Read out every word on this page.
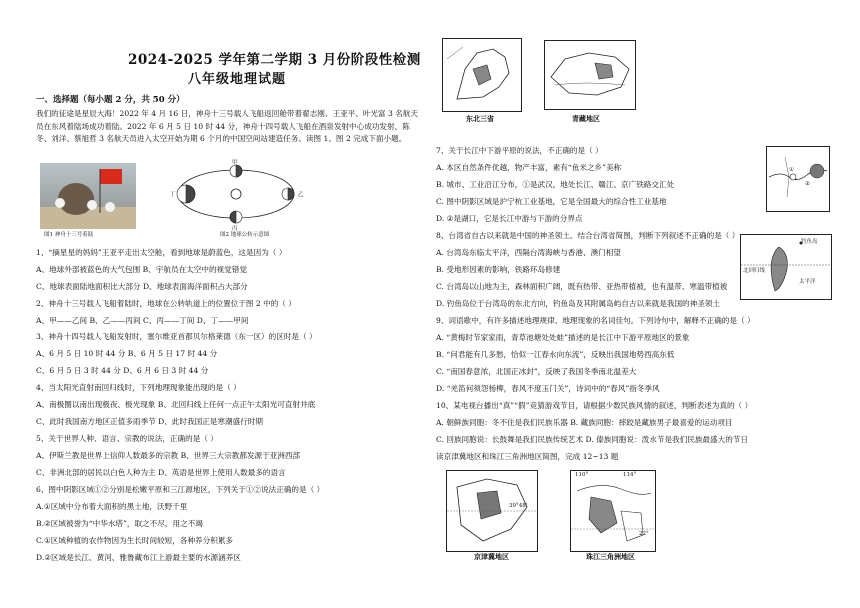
2024-2025 学年第二学期 3 月份阶段性检测
八年级地理试题
一、选择题（每小题 2 分，共 50 分）
我们的征途是星辰大海！2022 年 4 月 16 日，神舟十三号载人飞船返回舱带着翟志刚、王亚平、叶光富 3 名航天员在东风着陆场成功着陆。2022 年 6 月 5 日 10 时 44 分，神舟十四号载人飞船在酒泉发射中心成功发射，陈冬、刘洋、蔡旭哲 3 名航天员进入太空开始为期 6 个月的中国空间站建造任务。读图 1、图 2 完成下面小题。
图1 神舟十三号着陆
甲
乙
丙
丁
图2 地球公转示意图
1、“摘星星的妈妈”王亚平走出太空舱，看到地球是蔚蓝色，这是因为（ ）
A、地球外部被蓝色的大气包围 B、宇航员在太空中的视觉错觉
C、地球表面陆地面积比大部分 D、地球表面海洋面积占大部分
2、神舟十三号载人飞船着陆时，地球在公转轨道上的位置位于图 2 中的（ ）
A、甲——乙间 B、乙——丙间 C、丙——丁间 D、丁——甲间
3、神舟十四号载人飞船发射时，塞尔维亚首都贝尔格莱德（东一区）的区时是（ ）
A、6 月 5 日 10 时 44 分 B、6 月 5 日 17 时 44 分
C、6 月 5 日 3 时 44 分 D、6 月 6 日 3 时 44 分
4、当太阳光直射南回归线时，下列地理现象能出现的是（ ）
A、南极圈以南出现极夜、极光现象 B、北回归线上任何一点正午太阳光可直射井底
C、此时我国南方地区正值多雨季节 D、此时我国正是寒潮盛行时期
5、关于世界人种、语言、宗教的说法，正确的是（ ）
A、伊斯兰教是世界上信仰人数最多的宗教 B、世界三大宗教都发源于亚洲西部
C、非洲北部的居民以白色人种为主 D、英语是世界上使用人数最多的语言
6、图中阴影区域①②分别是松嫩平原和三江源地区，下列关于①②说法正确的是（ ）
A.①区域中分布着大面积的黑土地，沃野千里
B.②区域被誉为“中华水塔”，取之不尽，用之不竭
C.①区域种植的农作物因为生长时间较短，各种养分积累多
D.②区域是长江、黄河、雅鲁藏布江上游最主要的水源涵养区
东北三省	青藏地区
7、关于长江中下游平原的说法，不正确的是（ ）
A. 本区自然条件优越，物产丰富，素有“鱼米之乡”美称
B. 城市、工业沿江分布，①是武汉，地处长江、赣江、京广铁路交汇处
C. 图中阴影区域是沪宁杭工业基地，它是全国最大的综合性工业基地
D. ②是湖口，它是长江中游与下游的分界点
①
②
8、台湾省自古以来就是中国的神圣领土。结合台湾省简图，判断下列叙述不正确的是（ ）
A. 台湾岛东临太平洋，西隔台湾海峡与香港、澳门相望
B. 受地形因素的影响，铁路环岛修建
C. 台湾岛以山地为主，森林面积广阔，既有热带、亚热带植被，也有温带、寒温带植被
D. 钓鱼岛位于台湾岛的东北方向，钓鱼岛及其附属岛屿自古以来就是我国的神圣领土
钓鱼岛
北回归线
太平洋
9、词语歌中，有许多描述地理规律、地理现象的名词佳句。下列诗句中，解释不正确的是（ ）
A. “黄梅时节家家雨，青草池塘处处蛙”描述的是长江中下游平原地区的景象
B. “问君能有几多愁，恰似一江春水向东流”，反映出我国地势西高东低
C. “南国春意浓，北国正冰封”，反映了我国冬季南北温差大
D. “羌笛何须怨杨柳，春风不度玉门关”，诗词中的“春风”指冬季风
10、某电视台播出“真”“假”竞猜游戏节目，请根据少数民族风情的叙述，判断表述为真的（ ）
A. 朝鲜族同胞：冬不住是我们民族乐器 B. 藏族同胞：摔跤是藏族男子最喜爱的运动项目
C. 回族同胞说：长鼓舞是我们民族传统艺术 D. 傣族同胞说：泼水节是我们民族最盛大的节日
读京津冀地区和珠江三角洲地区简图，完成 12~13 题
39°48'
京津冀地区
110°	114°
22°
珠江三角洲地区
